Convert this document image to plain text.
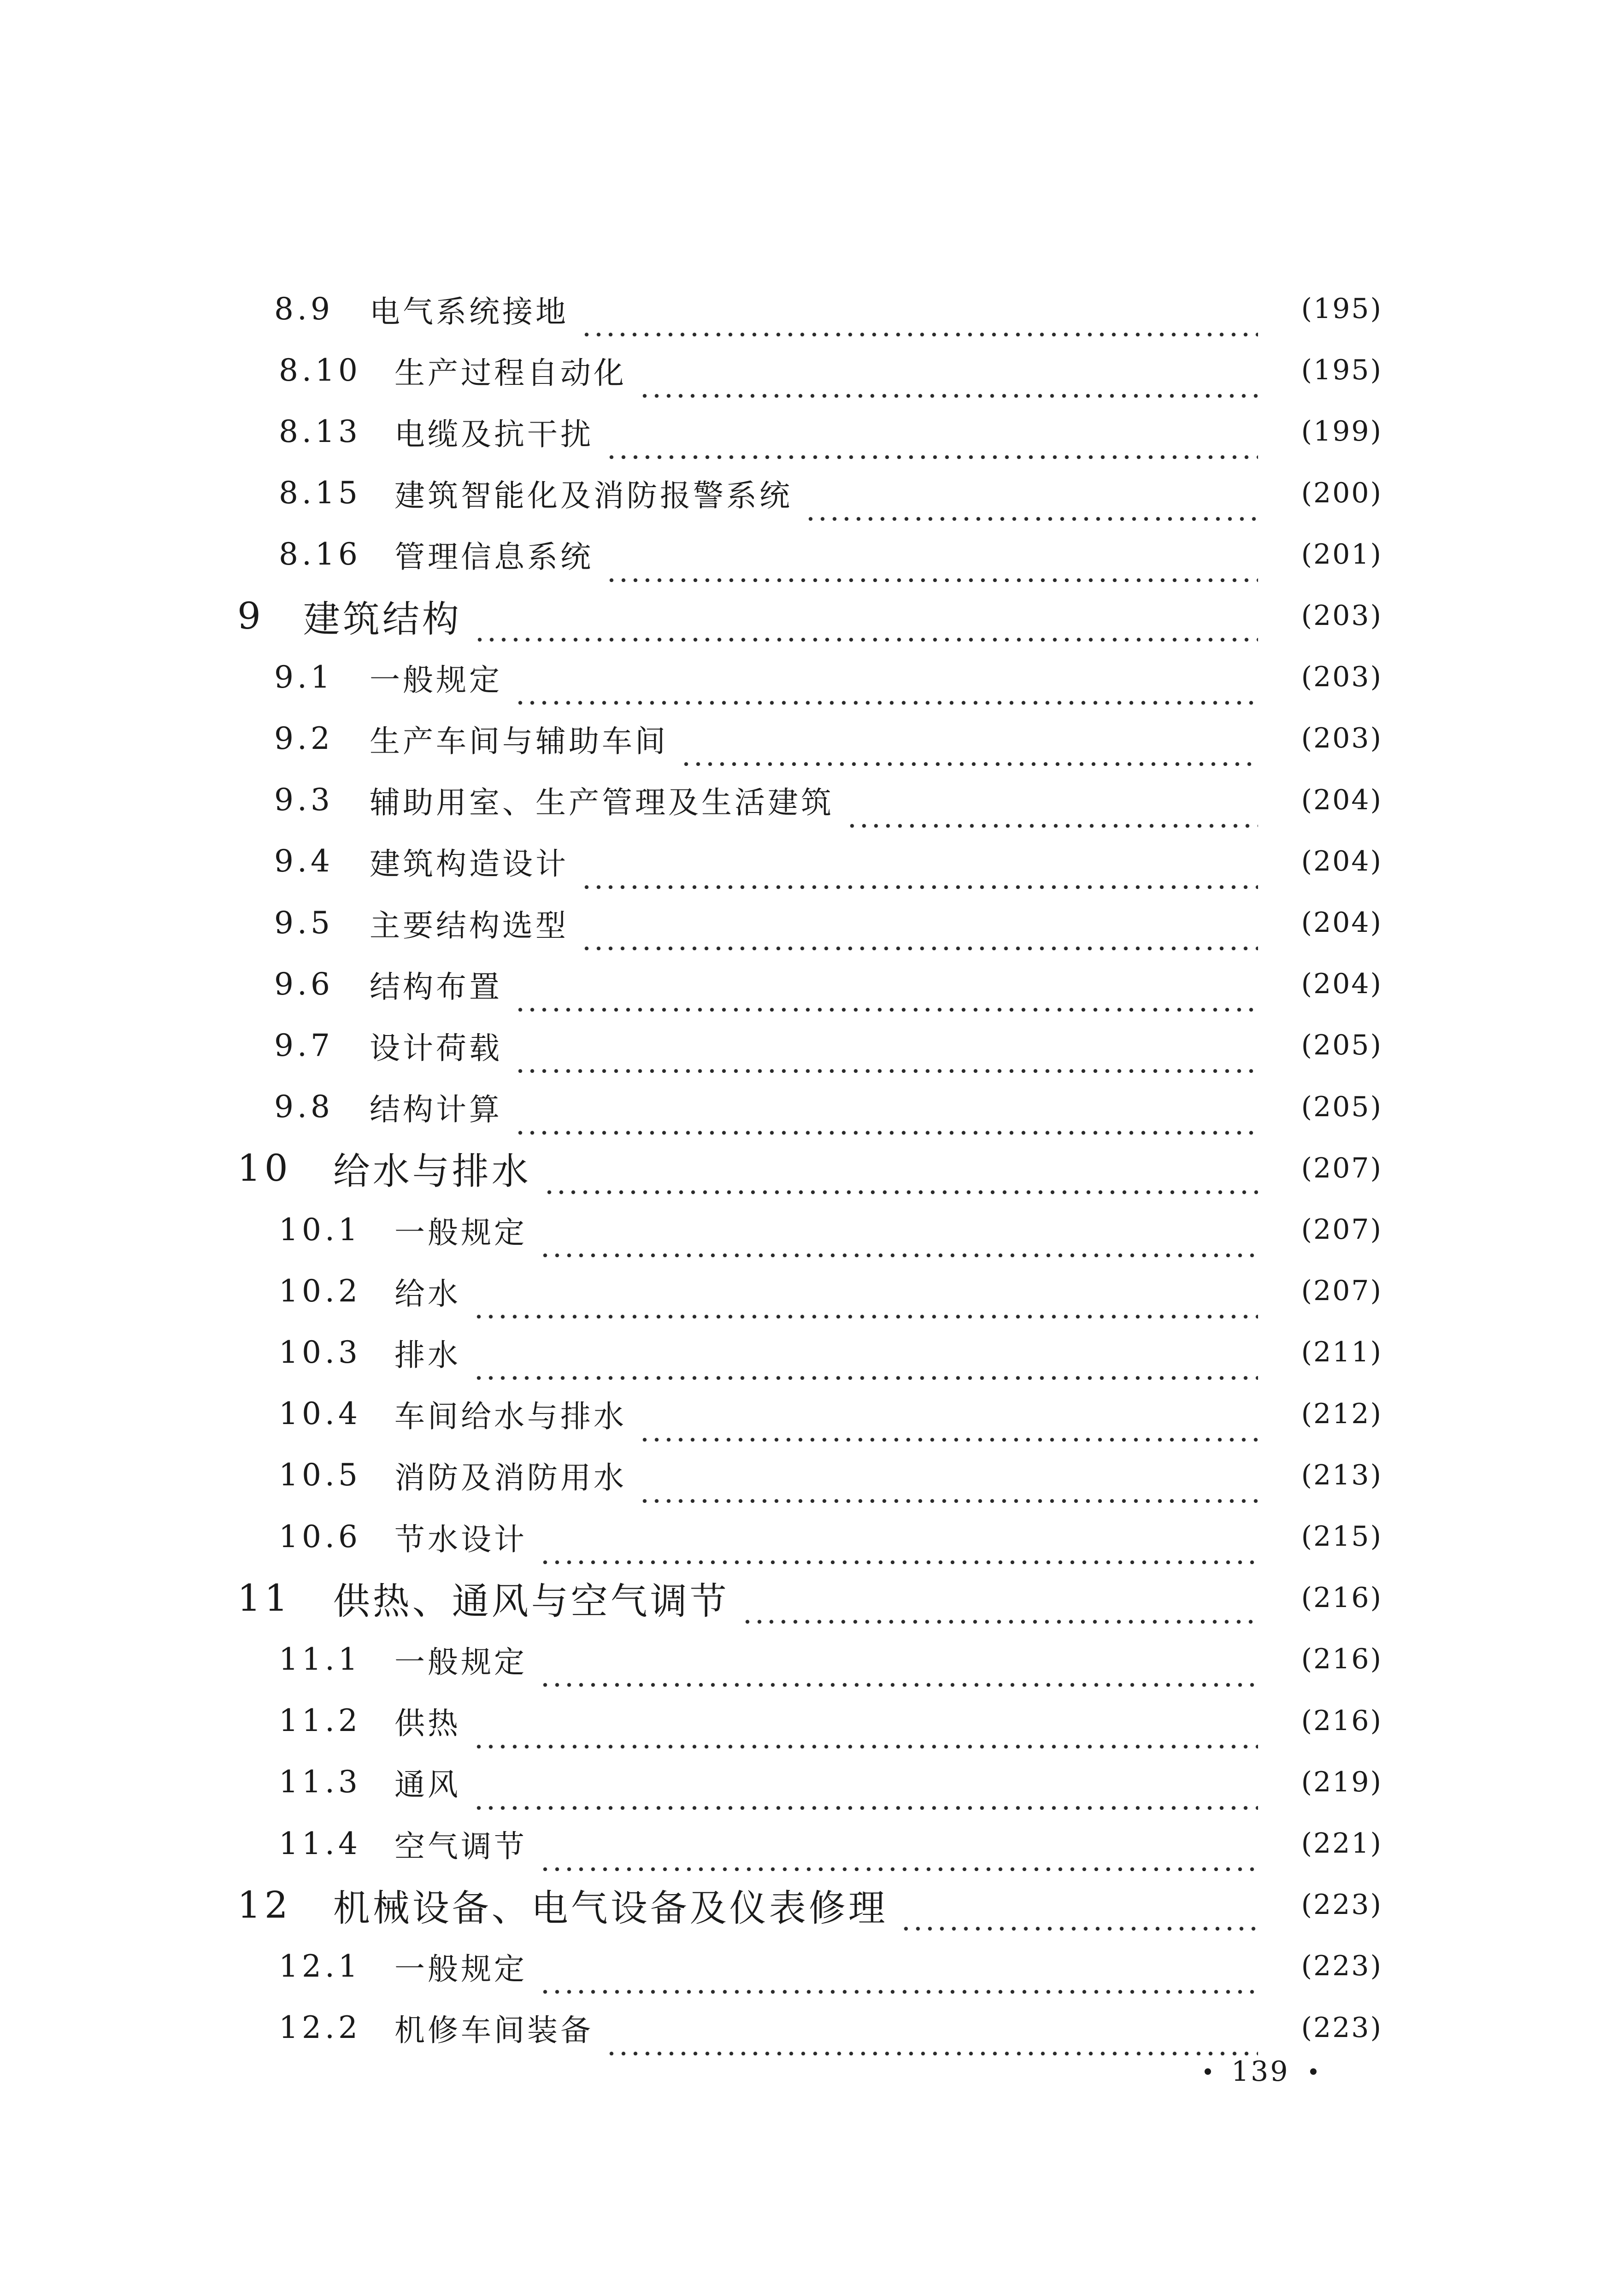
8.9 电气系统接地	(195)
8.10 生产过程自动化	(195)
8.13 电缆及抗干扰	(199)
8.15 建筑智能化及消防报警系统	(200)
8.16 管理信息系统	(201)
9 建筑结构	(203)
9.1 一般规定	(203)
9.2 生产车间与辅助车间	(203)
9.3 辅助用室、生产管理及生活建筑	(204)
9.4 建筑构造设计	(204)
9.5 主要结构选型	(204)
9.6 结构布置	(204)
9.7 设计荷载	(205)
9.8 结构计算	(205)
10 给水与排水	(207)
10.1 一般规定	(207)
10.2 给水	(207)
10.3 排水	(211)
10.4 车间给水与排水	(212)
10.5 消防及消防用水	(213)
10.6 节水设计	(215)
11 供热、通风与空气调节	(216)
11.1 一般规定	(216)
11.2 供热	(216)
11.3 通风	(219)
11.4 空气调节	(221)
12 机械设备、电气设备及仪表修理	(223)
12.1 一般规定	(223)
12.2 机修车间装备	(223)
139
